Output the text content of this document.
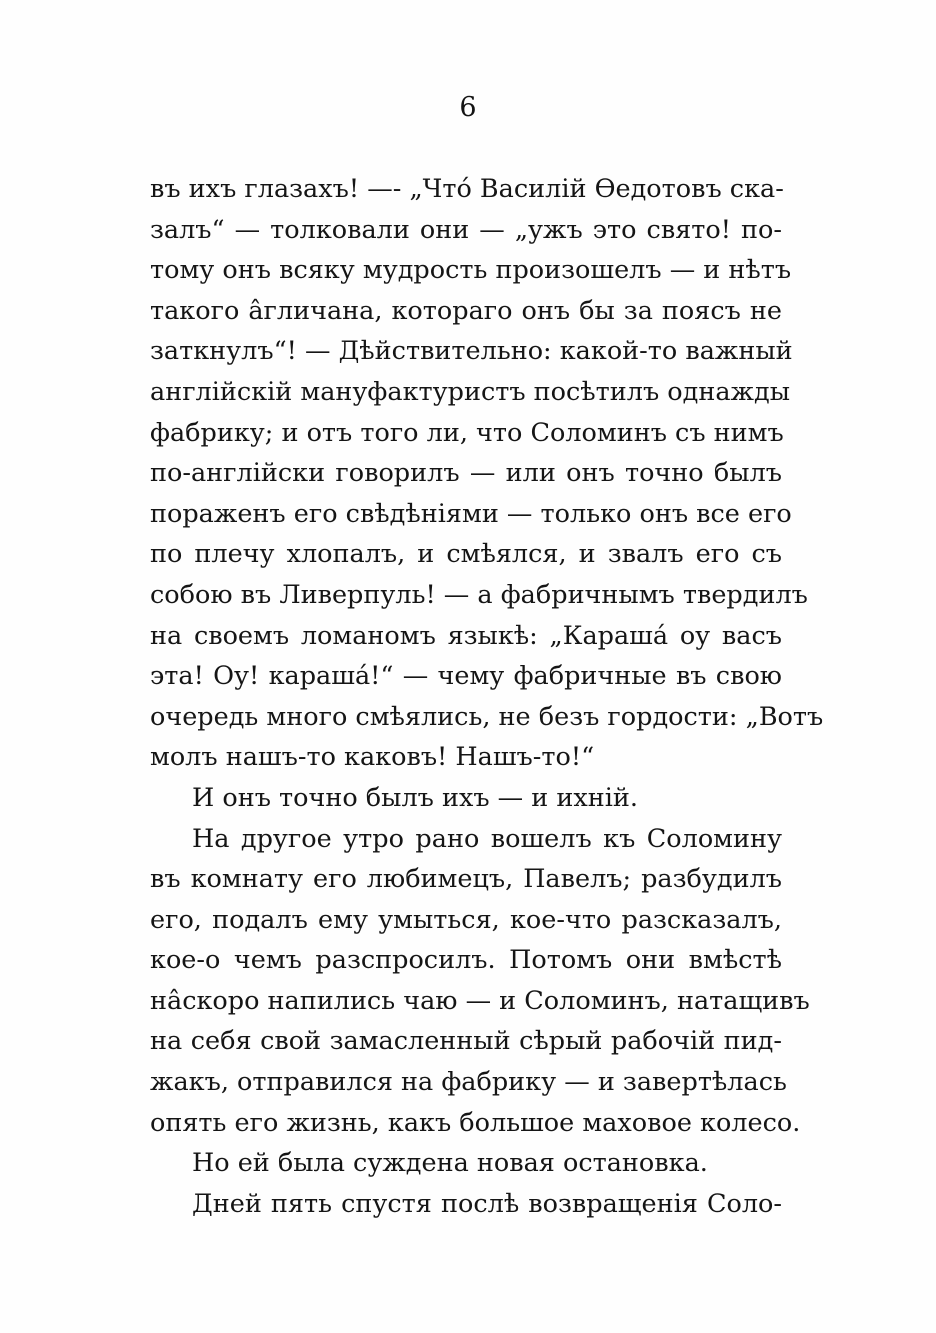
6
въ ихъ глазахъ! —- „Что́ Василій Ѳедотовъ ска-
залъ“ — толковали они — „ужъ это свято! по-
тому онъ всяку мудрость произошелъ — и нѣтъ
такого а̂гличана, котораго онъ бы за поясъ не
заткнулъ“! — Дѣйствительно: какой-то важный
англійскій мануфактуристъ посѣтилъ однажды
фабрику; и отъ того ли, что Соломинъ съ нимъ
по-англійски говорилъ — или онъ точно былъ
пораженъ его свѣдѣніями — только онъ все его
по плечу хлопалъ, и смѣялся, и звалъ его съ
собою въ Ливерпуль! — а фабричнымъ твердилъ
на своемъ ломаномъ языкѣ: „Караша́ оу васъ
эта! Оу! караша́!“ — чему фабричные въ свою
очередь много смѣялись, не безъ гордости: „Вотъ
молъ нашъ-то каковъ! Нашъ-то!“
И онъ точно былъ ихъ — и ихній.
На другое утро рано вошелъ къ Соломину
въ комнату его любимецъ, Павелъ; разбудилъ
его, подалъ ему умыться, кое-что разсказалъ,
кое-о чемъ разспросилъ. Потомъ они вмѣстѣ
на̂скоро напились чаю — и Соломинъ, натащивъ
на себя свой замасленный сѣрый рабочій пид-
жакъ, отправился на фабрику — и завертѣлась
опять его жизнь, какъ большое маховое колесо.
Но ей была суждена новая остановка.
Дней пять спустя послѣ возвращенія Соло-
